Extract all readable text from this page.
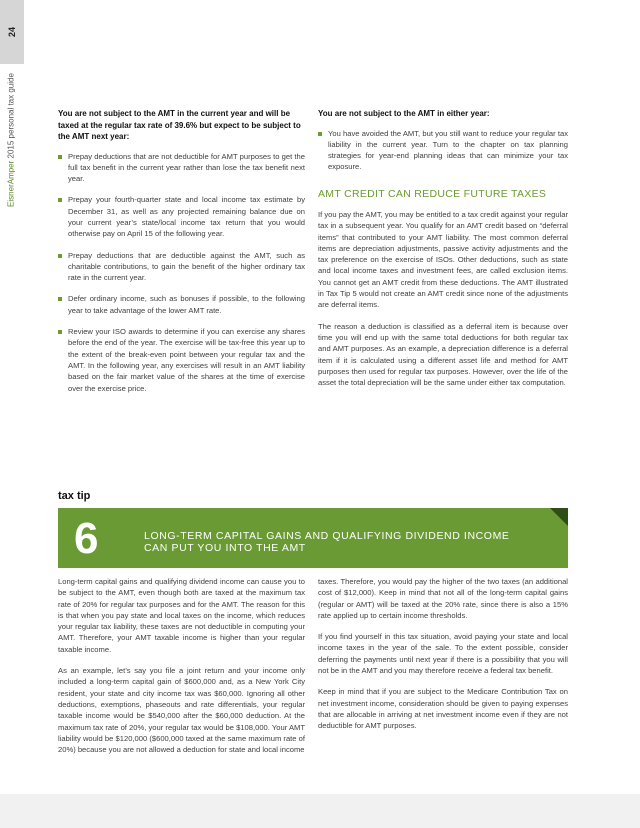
24
EisnerAmper 2015 personal tax guide	You are not subject to the AMT in the current year and will be taxed at the regular tax rate of 39.6% but expect to be subject to the AMT next year:
Prepay deductions that are not deductible for AMT purposes to get the full tax benefit in the current year rather than lose the tax benefit next year.
Prepay your fourth-quarter state and local income tax estimate by December 31, as well as any projected remaining balance due on your current year’s state/local income tax return that you would otherwise pay on April 15 of the following year.
Prepay deductions that are deductible against the AMT, such as charitable contributions, to gain the benefit of the higher ordinary tax rate in the current year.
Defer ordinary income, such as bonuses if possible, to the following year to take advantage of the lower AMT rate.
Review your ISO awards to determine if you can exercise any shares before the end of the year. The exercise will be tax-free this year up to the extent of the break-even point between your regular tax and the AMT. In the following year, any exercises will result in an AMT liability based on the fair market value of the shares at the time of exercise over the exercise price.
You are not subject to the AMT in either year:
You have avoided the AMT, but you still want to reduce your regular tax liability in the current year. Turn to the chapter on tax planning strategies for year-end planning ideas that can minimize your tax exposure.
AMT CREDIT CAN REDUCE FUTURE TAXES

If you pay the AMT, you may be entitled to a tax credit against your regular tax in a subsequent year. You qualify for an AMT credit based on “deferral items” that contributed to your AMT liability. The most common deferral items are depreciation adjustments, passive activity adjustments and the tax preference on the exercise of ISOs. Other deductions, such as state and local income taxes and investment fees, are called exclusion items. You cannot get an AMT credit from these deductions. The AMT illustrated in Tax Tip 5 would not create an AMT credit since none of the adjustments are deferral items.

The reason a deduction is classified as a deferral item is because over time you will end up with the same total deductions for both regular tax and AMT purposes. As an example, a depreciation difference is a deferral item if it is calculated using a different asset life and method for AMT purposes then used for regular tax purposes. However, over the life of the asset the total depreciation will be the same under either tax computation.

tax tip
6	LONG-TERM CAPITAL GAINS AND QUALIFYING DIVIDEND INCOME CAN PUT YOU INTO THE AMT

Long-term capital gains and qualifying dividend income can cause you to be subject to the AMT, even though both are taxed at the maximum tax rate of 20% for regular tax purposes and for the AMT. The reason for this is that when you pay state and local taxes on the income, which reduces your regular tax liability, these taxes are not deductible in computing your AMT. Therefore, your AMT taxable income is higher than your regular taxable income.

As an example, let’s say you file a joint return and your income only included a long-term capital gain of $600,000 and, as a New York City resident, your state and city income tax was $60,000. Ignoring all other deductions, exemptions, phaseouts and rate differentials, your regular taxable income would be $540,000 after the $60,000 deduction. At the maximum tax rate of 20%, your regular tax would be $108,000. Your AMT liability would be $120,000 ($600,000 taxed at the same maximum rate of 20%) because you are not allowed a deduction for state and local income

taxes. Therefore, you would pay the higher of the two taxes (an additional cost of $12,000). Keep in mind that not all of the long-term capital gains (regular or AMT) will be taxed at the 20% rate, since there is also a 15% rate applied up to certain income thresholds.

If you find yourself in this tax situation, avoid paying your state and local income taxes in the year of the sale. To the extent possible, consider deferring the payments until next year if there is a possibility that you will not be in the AMT and you may therefore receive a federal tax benefit.

Keep in mind that if you are subject to the Medicare Contribution Tax on net investment income, consideration should be given to paying expenses that are allocable in arriving at net investment income even if they are not deductible for AMT purposes.
